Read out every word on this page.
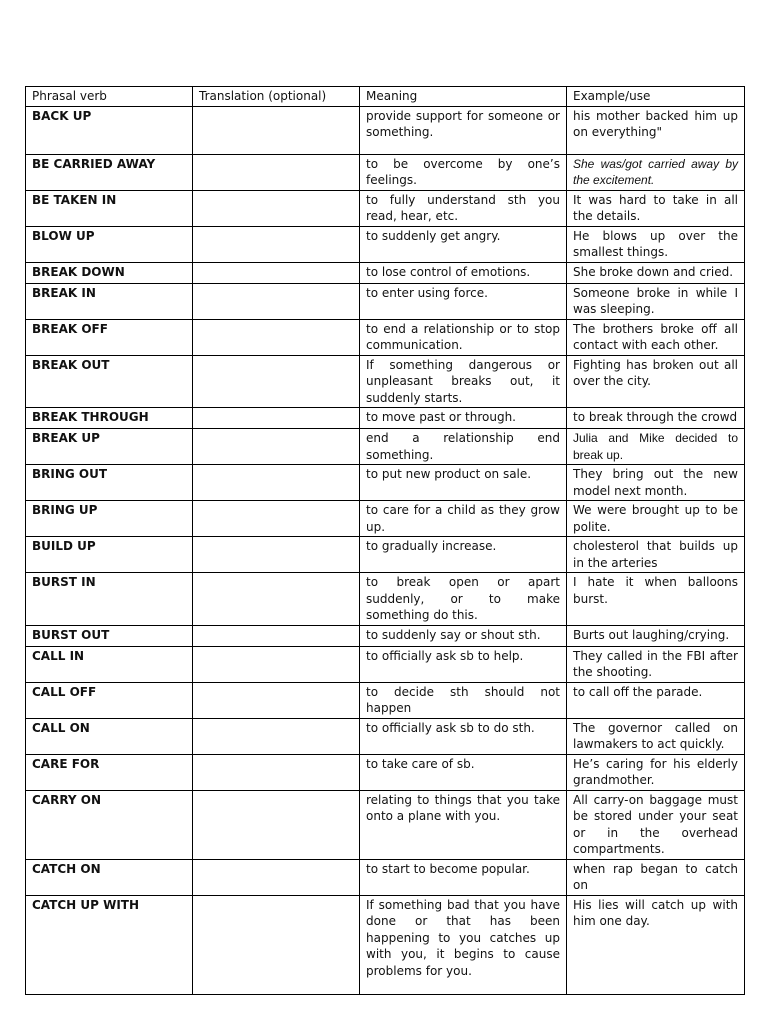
Phrasal verb	Translation (optional)	Meaning	Example/use
BACK UP		provide support for someone or something.	his mother backed him up on everything"
BE CARRIED AWAY		to be overcome by one’s feelings.	She was/got carried away by the excitement.
BE TAKEN IN		to fully understand sth you read, hear, etc.	It was hard to take in all the details.
BLOW UP		to suddenly get angry.	He blows up over the smallest things.
BREAK DOWN		to lose control of emotions.	She broke down and cried.
BREAK IN		to enter using force.	Someone broke in while I was sleeping.
BREAK OFF		to end a relationship or to stop communication.	The brothers broke off all contact with each other.
BREAK OUT		If something dangerous or unpleasant breaks out, it suddenly starts.	Fighting has broken out all over the city.
BREAK THROUGH		to move past or through.	to break through the crowd
BREAK UP		end a relationship end something.	Julia and Mike decided to break up.
BRING OUT		to put new product on sale.	They bring out the new model next month.
BRING UP		to care for a child as they grow up.	We were brought up to be polite.
BUILD UP		to gradually increase.	cholesterol that builds up in the arteries
BURST IN		to break open or apart suddenly, or to make something do this.	I hate it when balloons burst.
BURST OUT		to suddenly say or shout sth.	Burts out laughing/crying.
CALL IN		to officially ask sb to help.	They called in the FBI after the shooting.
CALL OFF		to decide sth should not happen	to call off the parade.
CALL ON		to officially ask sb to do sth.	The governor called on lawmakers to act quickly.
CARE FOR		to take care of sb.	He’s caring for his elderly grandmother.
CARRY ON		relating to things that you take onto a plane with you.	All carry-on baggage must be stored under your seat or in the overhead compartments.
CATCH ON		to start to become popular.	when rap began to catch on
CATCH UP WITH		If something bad that you have done or that has been happening to you catches up with you, it begins to cause problems for you.	His lies will catch up with him one day.
